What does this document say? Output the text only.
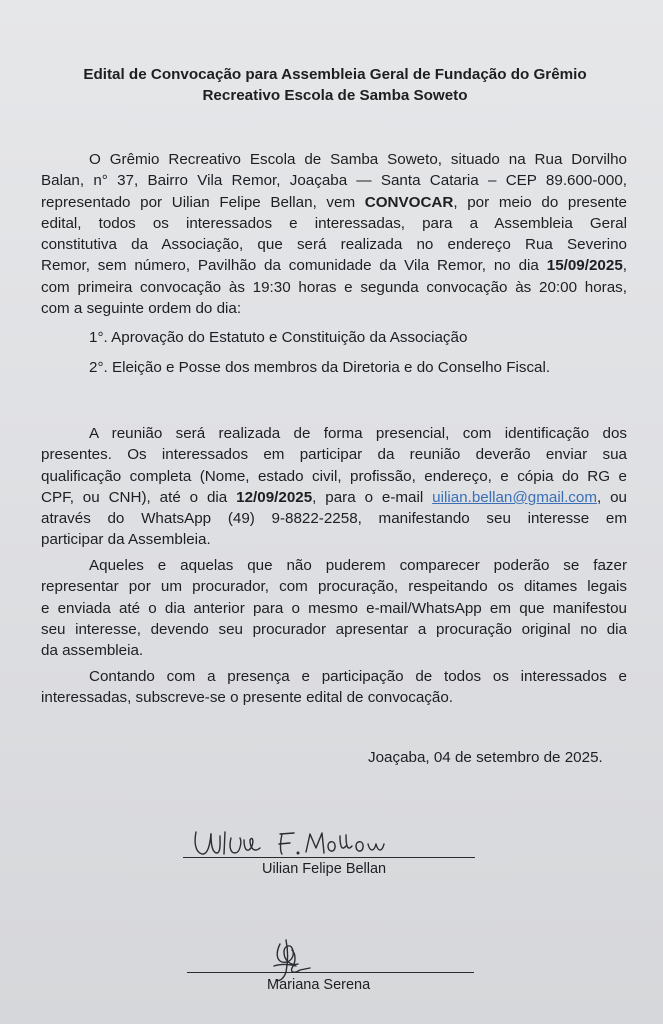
Edital de Convocação para Assembleia Geral de Fundação do Grêmio
Recreativo Escola de Samba Soweto
O Grêmio Recreativo Escola de Samba Soweto, situado na Rua Dorvilho
Balan, n° 37, Bairro Vila Remor, Joaçaba — Santa Cataria – CEP 89.600-000,
representado por Uilian Felipe Bellan, vem CONVOCAR, por meio do presente
edital, todos os interessados e interessadas, para a Assembleia Geral
constitutiva da Associação, que será realizada no endereço Rua Severino
Remor, sem número, Pavilhão da comunidade da Vila Remor, no dia 15/09/2025,
com primeira convocação às 19:30 horas e segunda convocação às 20:00 horas,
com a seguinte ordem do dia:
1°. Aprovação do Estatuto e Constituição da Associação
2°. Eleição e Posse dos membros da Diretoria e do Conselho Fiscal.
A reunião será realizada de forma presencial, com identificação dos
presentes. Os interessados em participar da reunião deverão enviar sua
qualificação completa (Nome, estado civil, profissão, endereço, e cópia do RG e
CPF, ou CNH), até o dia 12/09/2025, para o e-mail uilian.bellan@gmail.com, ou
através do WhatsApp (49) 9-8822-2258, manifestando seu interesse em
participar da Assembleia.
Aqueles e aquelas que não puderem comparecer poderão se fazer
representar por um procurador, com procuração, respeitando os ditames legais
e enviada até o dia anterior para o mesmo e-mail/WhatsApp em que manifestou
seu interesse, devendo seu procurador apresentar a procuração original no dia
da assembleia.
Contando com a presença e participação de todos os interessados e
interessadas, subscreve-se o presente edital de convocação.
Joaçaba, 04 de setembro de 2025.
Uilian Felipe Bellan
Mariana Serena
